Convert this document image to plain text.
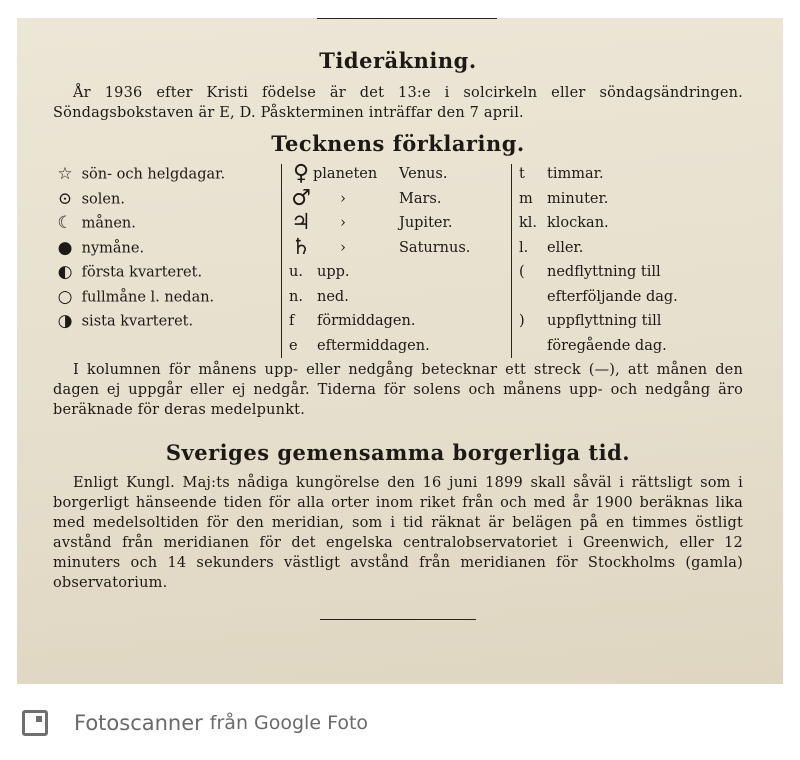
Tideräkning.

År 1936 efter Kristi födelse är det 13:e i solcirkeln eller söndagsändringen. Söndagsbokstaven är E, D. Påskterminen inträffar den 7 april.

Tecknens förklaring.
☆ sön- och helgdagar.
⊙ solen.
☾ månen.
● nymåne.
◐ första kvarteret.
○ fullmåne l. nedan.
◑ sista kvarteret.
♀ planeten Venus.
♂ ›	Mars.
♃ ›	Jupiter.
♄ ›	Saturnus.
u. upp.
n. ned.
f förmiddagen.
e eftermiddagen.
t timmar.
m minuter.
kl. klockan.
l. eller.
( nedflyttning till
efterföljande dag.
) uppflyttning till
föregående dag.

I kolumnen för månens upp- eller nedgång betecknar ett streck (—), att månen den dagen ej uppgår eller ej nedgår. Tiderna för solens och månens upp- och nedgång äro beräknade för deras medelpunkt.

Sveriges gemensamma borgerliga tid.

Enligt Kungl. Maj:ts nådiga kungörelse den 16 juni 1899 skall såväl i rättsligt som i borgerligt hänseende tiden för alla orter inom riket från och med år 1900 beräknas lika med medelsoltiden för den meridian, som i tid räknat är belägen på en timmes östligt avstånd från meridianen för det engelska centralobservatoriet i Greenwich, eller 12 minuters och 14 sekunders västligt avstånd från meridianen för Stockholms (gamla) observatorium.

Fotoscanner från Google Foto
